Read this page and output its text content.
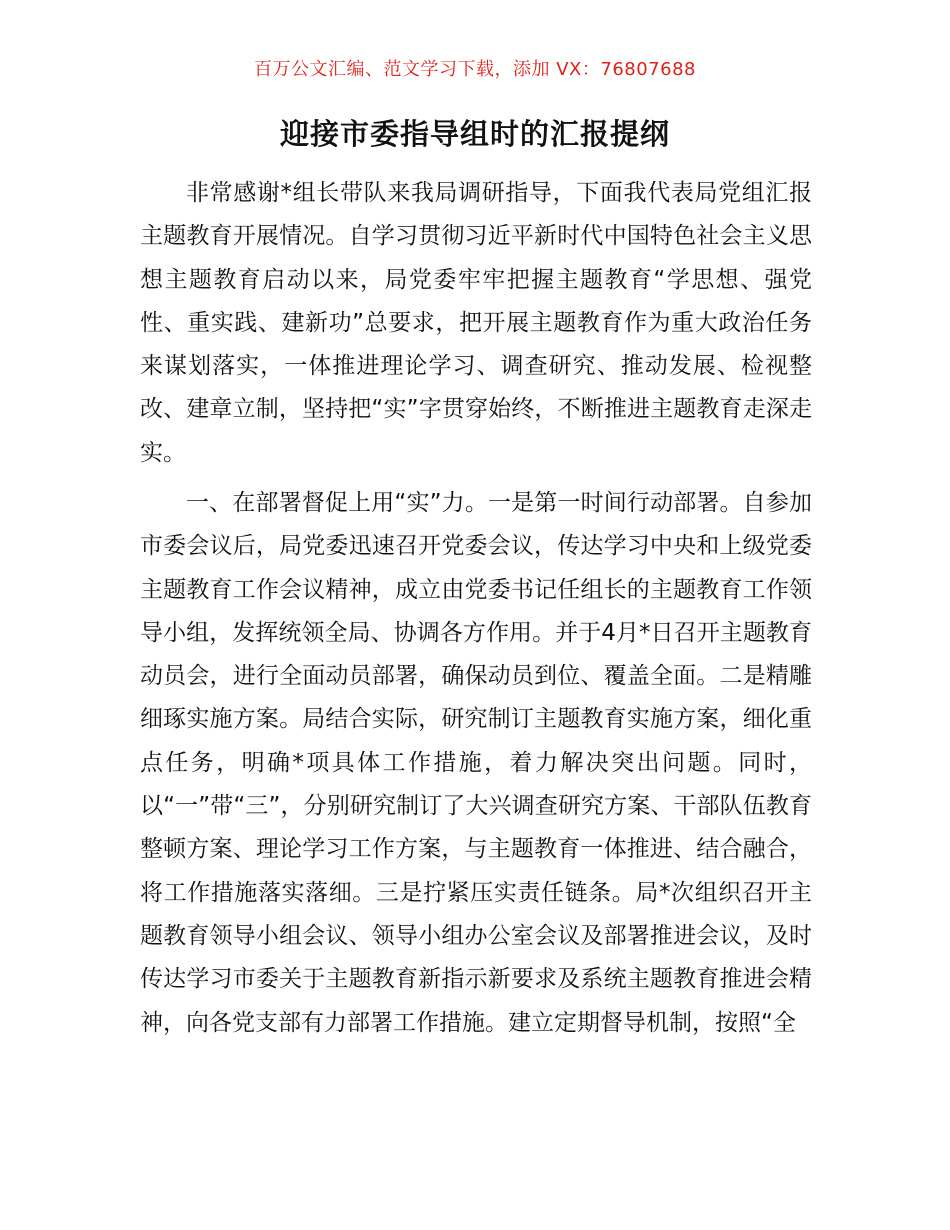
百万公文汇编、范文学习下载，添加 VX：76807688
迎接市委指导组时的汇报提纲

非常感谢*组长带队来我局调研指导，下面我代表局党组汇报主题教育开展情况。自学习贯彻习近平新时代中国特色社会主义思想主题教育启动以来，局党委牢牢把握主题教育“学思想、强党性、重实践、建新功”总要求，把开展主题教育作为重大政治任务来谋划落实，一体推进理论学习、调查研究、推动发展、检视整改、建章立制，坚持把“实”字贯穿始终，不断推进主题教育走深走实。

一、在部署督促上用“实”力。一是第一时间行动部署。自参加市委会议后，局党委迅速召开党委会议，传达学习中央和上级党委主题教育工作会议精神，成立由党委书记任组长的主题教育工作领导小组，发挥统领全局、协调各方作用。并于4月*日召开主题教育动员会，进行全面动员部署，确保动员到位、覆盖全面。二是精雕细琢实施方案。局结合实际，研究制订主题教育实施方案，细化重点任务，明确*项具体工作措施，着力解决突出问题。同时，以“一”带“三”，分别研究制订了大兴调查研究方案、干部队伍教育整顿方案、理论学习工作方案，与主题教育一体推进、结合融合，将工作措施落实落细。三是拧紧压实责任链条。局*次组织召开主题教育领导小组会议、领导小组办公室会议及部署推进会议，及时传达学习市委关于主题教育新指示新要求及系统主题教育推进会精神，向各党支部有力部署工作措施。建立定期督导机制，按照“全
